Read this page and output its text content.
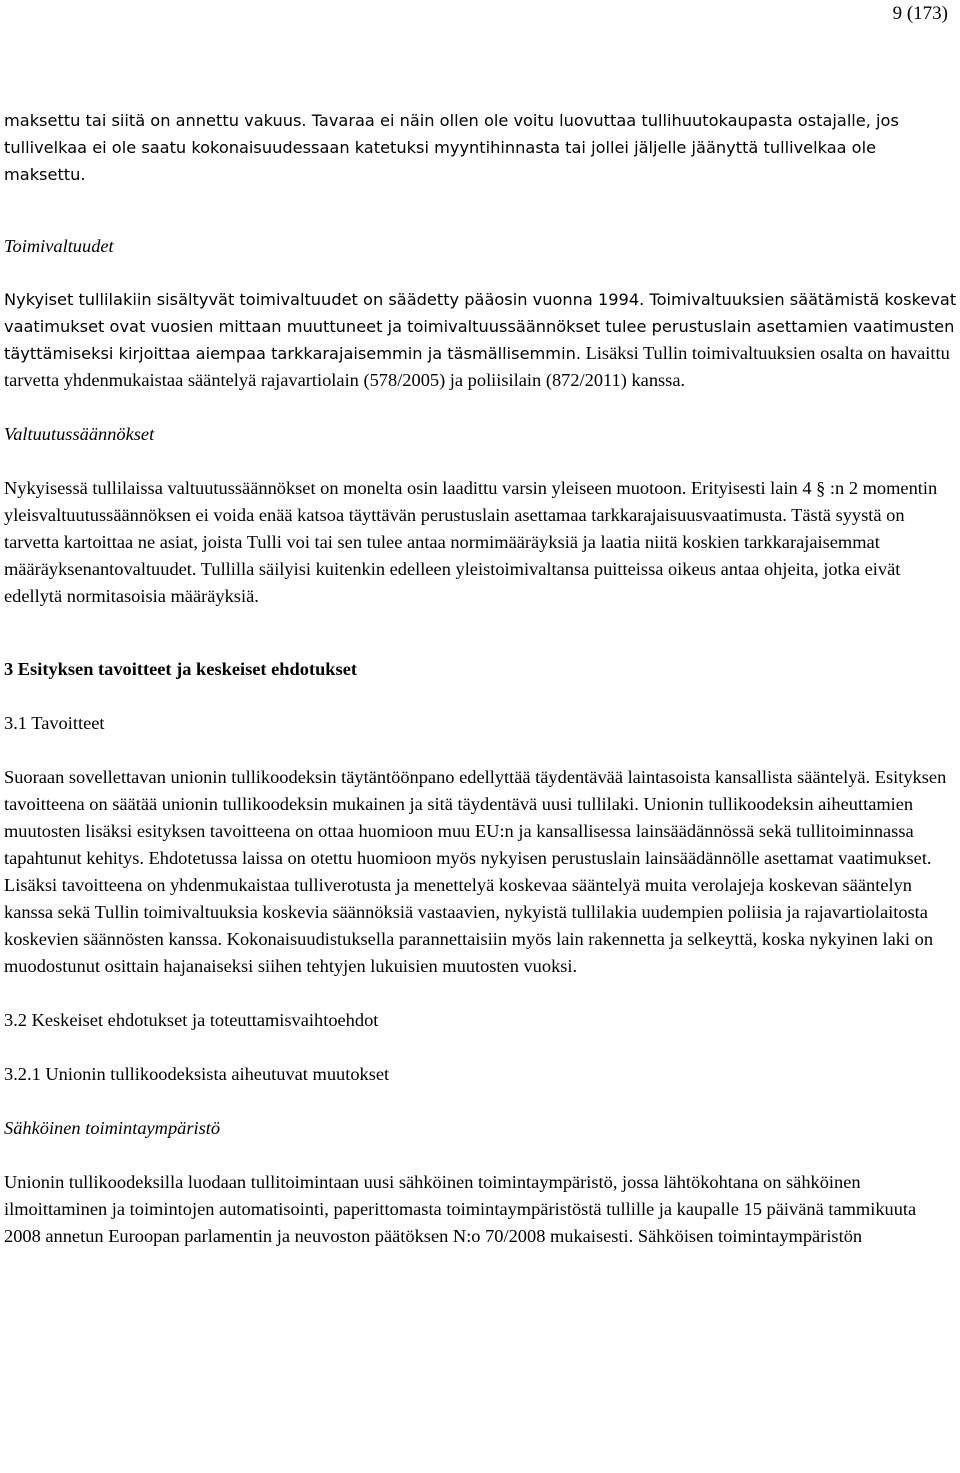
9 (173)

maksettu tai siitä on annettu vakuus. Tavaraa ei näin ollen ole voitu luovuttaa tullihuutokaupasta ostajalle, jos tullivelkaa ei ole saatu kokonaisuudessaan katetuksi myyntihinnasta tai jollei jäljelle jäänyttä tullivelkaa ole maksettu.

Toimivaltuudet

Nykyiset tullilakiin sisältyvät toimivaltuudet on säädetty pääosin vuonna 1994. Toimivaltuuksien säätämistä koskevat vaatimukset ovat vuosien mittaan muuttuneet ja toimivaltuussäännökset tulee perustuslain asettamien vaatimusten täyttämiseksi kirjoittaa aiempaa tarkkarajaisemmin ja täsmällisemmin. Lisäksi Tullin toimivaltuuksien osalta on havaittu tarvetta yhdenmukaistaa sääntelyä rajavartiolain (578/2005) ja poliisilain (872/2011) kanssa.

Valtuutussäännökset

Nykyisessä tullilaissa valtuutussäännökset on monelta osin laadittu varsin yleiseen muotoon. Erityisesti lain 4 § :n 2 momentin yleisvaltuutussäännöksen ei voida enää katsoa täyttävän perustuslain asettamaa tarkkarajaisuusvaatimusta. Tästä syystä on tarvetta kartoittaa ne asiat, joista Tulli voi tai sen tulee antaa normimääräyksiä ja laatia niitä koskien tarkkarajaisemmat määräyksenantovaltuudet. Tullilla säilyisi kuitenkin edelleen yleistoimivaltansa puitteissa oikeus antaa ohjeita, jotka eivät edellytä normitasoisia määräyksiä.

3 Esityksen tavoitteet ja keskeiset ehdotukset

3.1 Tavoitteet

Suoraan sovellettavan unionin tullikoodeksin täytäntöönpano edellyttää täydentävää laintasoista kansallista sääntelyä. Esityksen tavoitteena on säätää unionin tullikoodeksin mukainen ja sitä täydentävä uusi tullilaki. Unionin tullikoodeksin aiheuttamien muutosten lisäksi esityksen tavoitteena on ottaa huomioon muu EU:n ja kansallisessa lainsäädännössä sekä tullitoiminnassa tapahtunut kehitys. Ehdotetussa laissa on otettu huomioon myös nykyisen perustuslain lainsäädännölle asettamat vaatimukset. Lisäksi tavoitteena on yhdenmukaistaa tulliverotusta ja menettelyä koskevaa sääntelyä muita verolajeja koskevan sääntelyn kanssa sekä Tullin toimivaltuuksia koskevia säännöksiä vastaavien, nykyistä tullilakia uudempien poliisia ja rajavartiolaitosta koskevien säännösten kanssa. Kokonaisuudistuksella parannettaisiin myös lain rakennetta ja selkeyttä, koska nykyinen laki on muodostunut osittain hajanaiseksi siihen tehtyjen lukuisien muutosten vuoksi.

3.2 Keskeiset ehdotukset ja toteuttamisvaihtoehdot

3.2.1 Unionin tullikoodeksista aiheutuvat muutokset

Sähköinen toimintaympäristö

Unionin tullikoodeksilla luodaan tullitoimintaan uusi sähköinen toimintaympäristö, jossa lähtökohtana on sähköinen ilmoittaminen ja toimintojen automatisointi, paperittomasta toimintaympäristöstä tullille ja kaupalle 15 päivänä tammikuuta 2008 annetun Euroopan parlamentin ja neuvoston päätöksen N:o 70/2008 mukaisesti. Sähköisen toimintaympäristön
